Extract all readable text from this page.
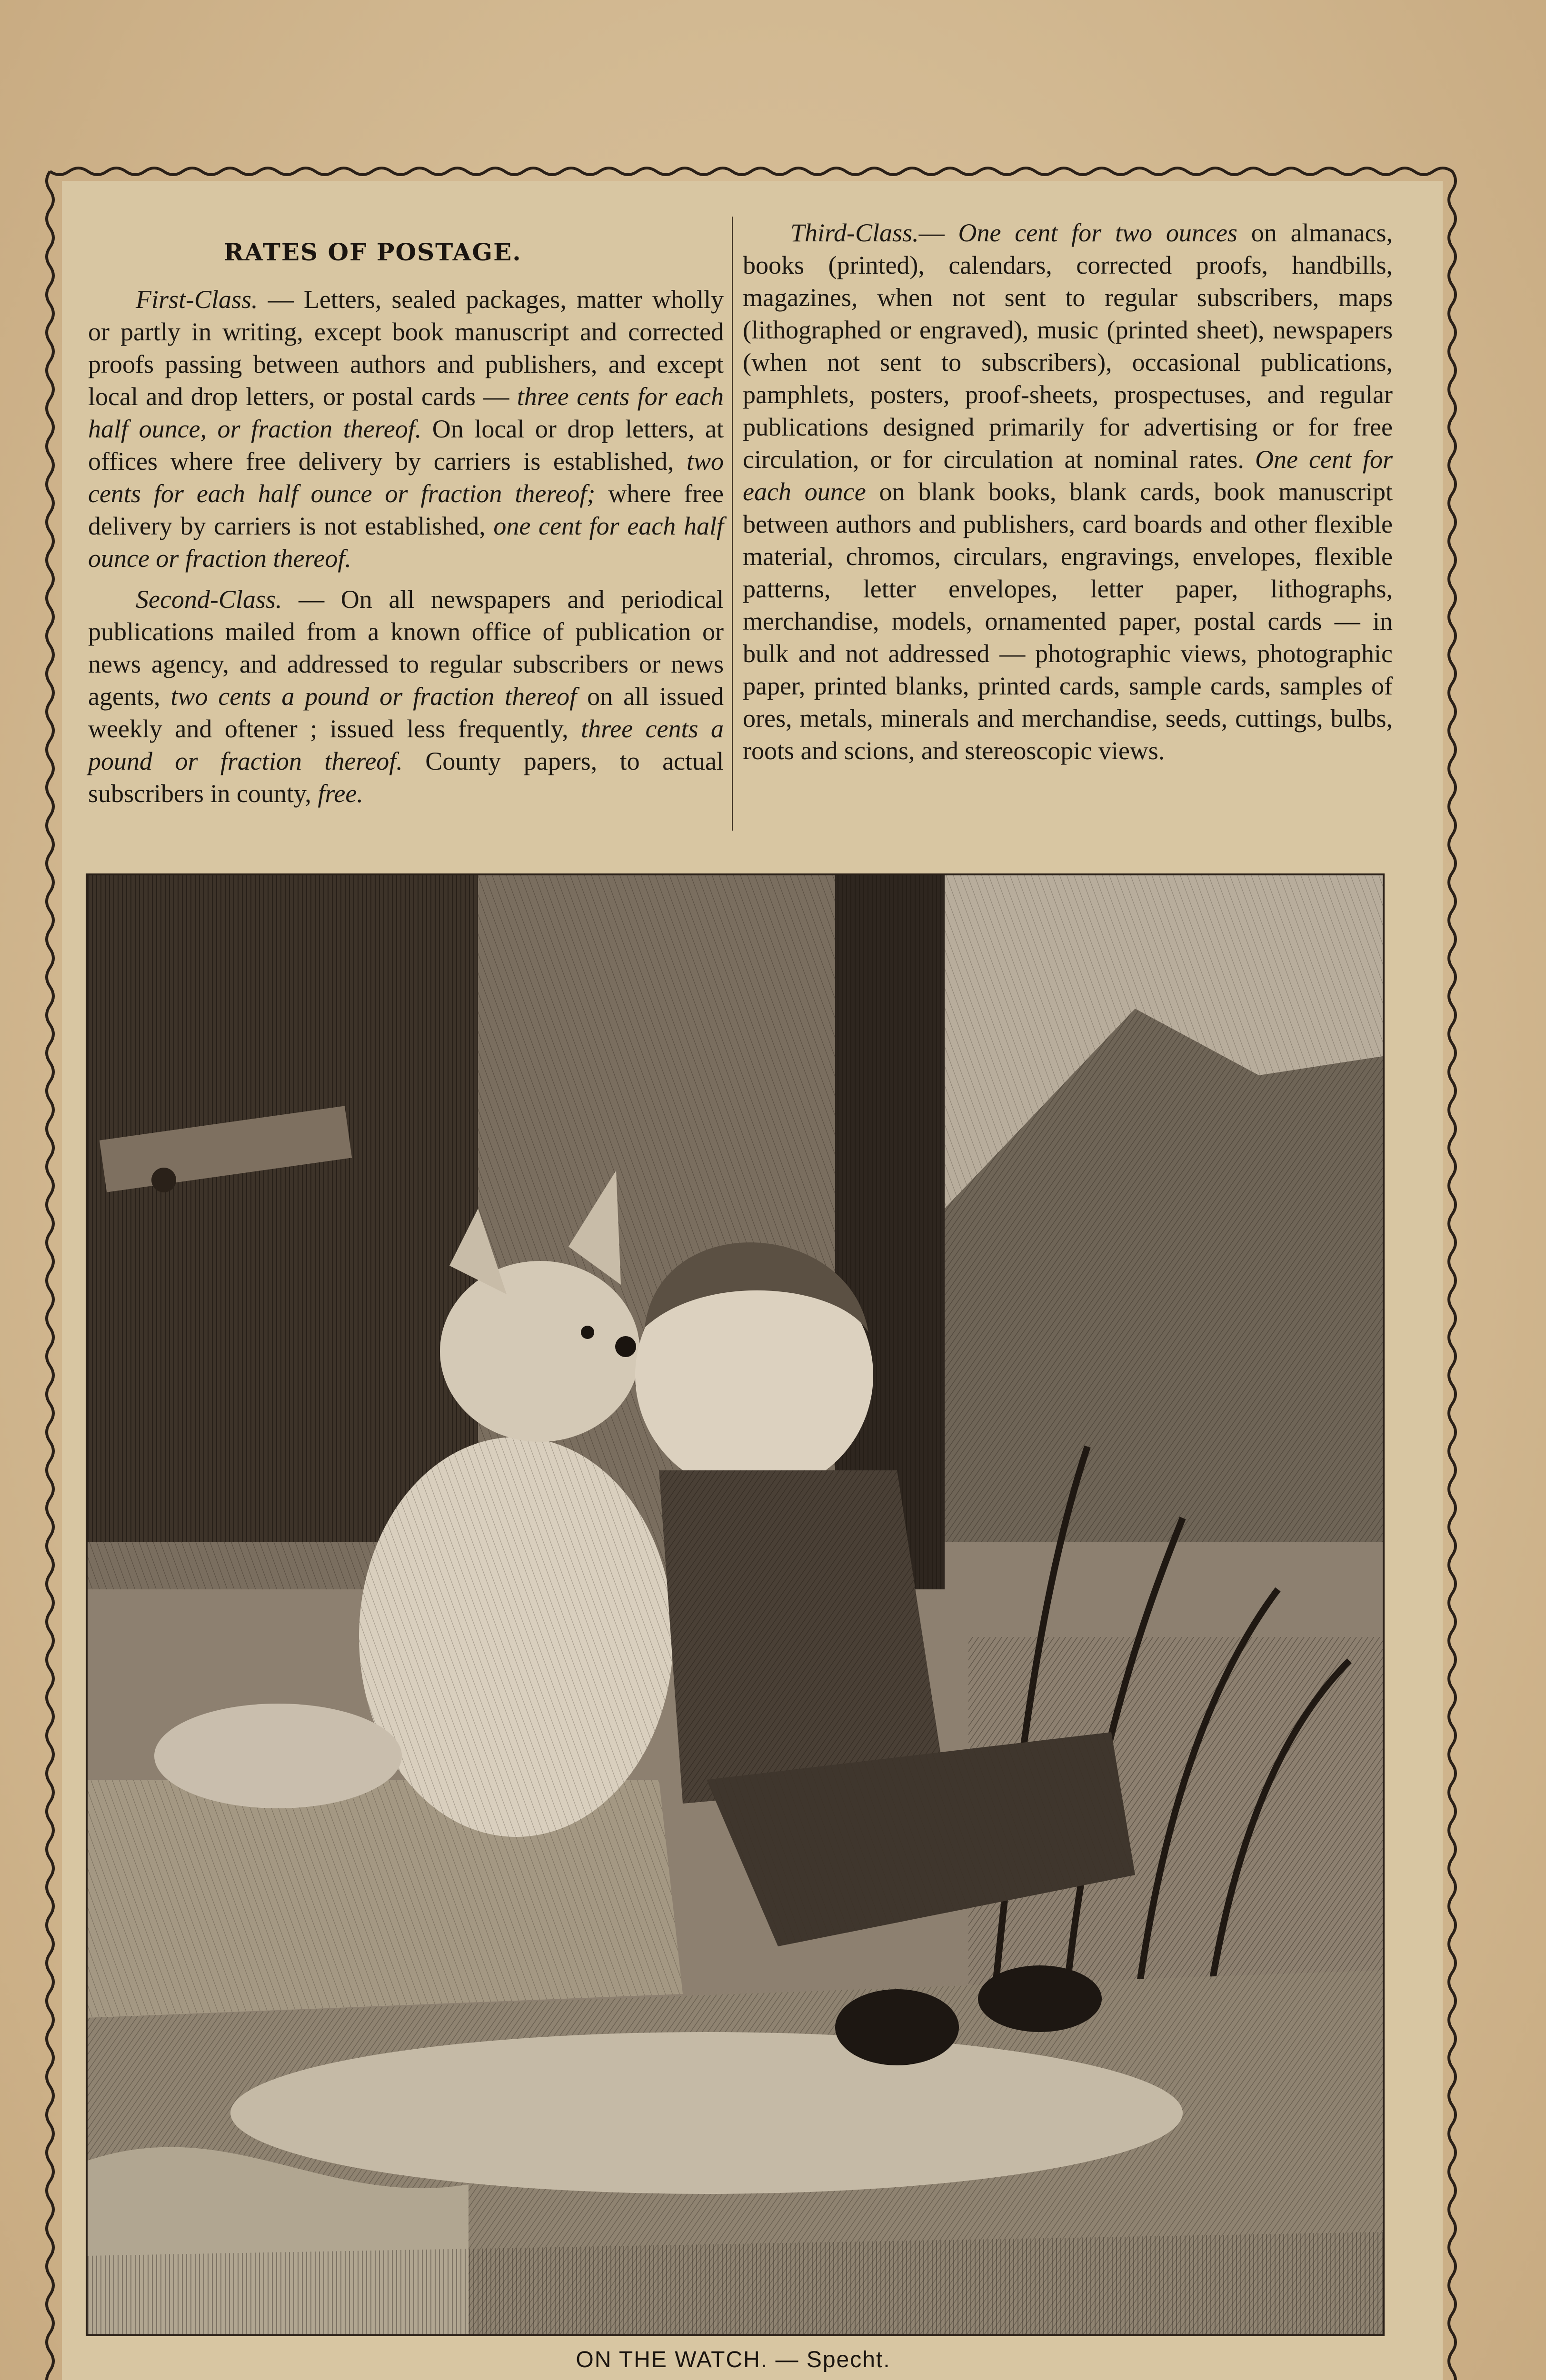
RATES OF POSTAGE.

First-Class. — Letters, sealed packages, matter wholly or partly in writing, except book manuscript and corrected proofs passing between authors and publishers, and except local and drop letters, or postal cards — three cents for each half ounce, or fraction thereof. On local or drop letters, at offices where free delivery by carriers is established, two cents for each half ounce or fraction thereof; where free delivery by carriers is not established, one cent for each half ounce or fraction thereof.

Second-Class. — On all newspapers and periodical publications mailed from a known office of publication or news agency, and addressed to regular subscribers or news agents, two cents a pound or fraction thereof on all issued weekly and oftener ; issued less frequently, three cents a pound or fraction thereof. County papers, to actual subscribers in county, free.

Third-Class.— One cent for two ounces on almanacs, books (printed), calendars, corrected proofs, handbills, magazines, when not sent to regular subscribers, maps (lithographed or engraved), music (printed sheet), newspapers (when not sent to subscribers), occasional publications, pamphlets, posters, proof-sheets, prospectuses, and regular publications designed primarily for advertising or for free circulation, or for circulation at nominal rates. One cent for each ounce on blank books, blank cards, book manuscript between authors and publishers, card boards and other flexible material, chromos, circulars, engravings, envelopes, flexible patterns, letter envelopes, letter paper, lithographs, merchandise, models, ornamented paper, postal cards — in bulk and not addressed — photographic views, photographic paper, printed blanks, printed cards, sample cards, samples of ores, metals, minerals and merchandise, seeds, cuttings, bulbs, roots and scions, and stereoscopic views.

ON THE WATCH. — Specht.
